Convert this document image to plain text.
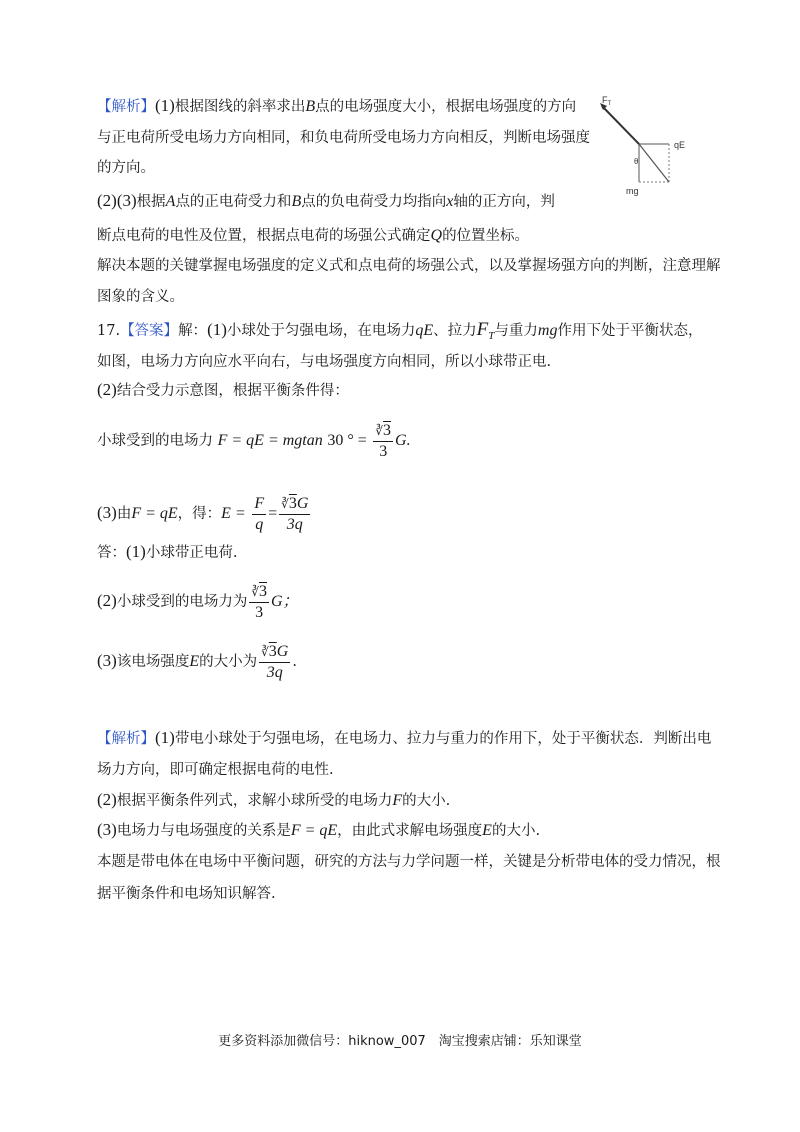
【解析】(1)根据图线的斜率求出B点的电场强度大小，根据电场强度的方向
与正电荷所受电场力方向相同，和负电荷所受电场力方向相反，判断电场强度
的方向。
(2)(3)根据A点的正电荷受力和B点的负电荷受力均指向x轴的正方向，判
断点电荷的电性及位置，根据点电荷的场强公式确定Q的位置坐标。
解决本题的关键掌握电场强度的定义式和点电荷的场强公式，以及掌握场强方向的判断，注意理解
图象的含义。
$F_T$
qE
θ
mg
17.【答案】解：(1)小球处于匀强电场，在电场力qE、拉力$F_T$与重力mg作用下处于平衡状态，
如图，电场力方向应水平向右，与电场强度方向相同，所以小球带正电.
(2)结合受力示意图，根据平衡条件得：
小球受到的电场力 F = qE = mgtan 30 ° = $\frac{∛3}{3} G$.
(3)由F = qE，得：$E = \frac{F}{q} = \frac{∛3G}{3q}$
答：(1)小球带正电荷.
(2)小球受到的电场力为 $\frac{∛3}{3}$ G；
(3)该电场强度E的大小为 $\frac{∛3G}{3q}$ .
【解析】(1)带电小球处于匀强电场，在电场力、拉力与重力的作用下，处于平衡状态．判断出电
场力方向，即可确定根据电荷的电性.
(2)根据平衡条件列式，求解小球所受的电场力F的大小.
(3)电场力与电场强度的关系是F = qE，由此式求解电场强度E的大小.
本题是带电体在电场中平衡问题，研究的方法与力学问题一样，关键是分析带电体的受力情况，根
据平衡条件和电场知识解答.
更多资料添加微信号：hiknow_007　淘宝搜索店铺：乐知课堂
